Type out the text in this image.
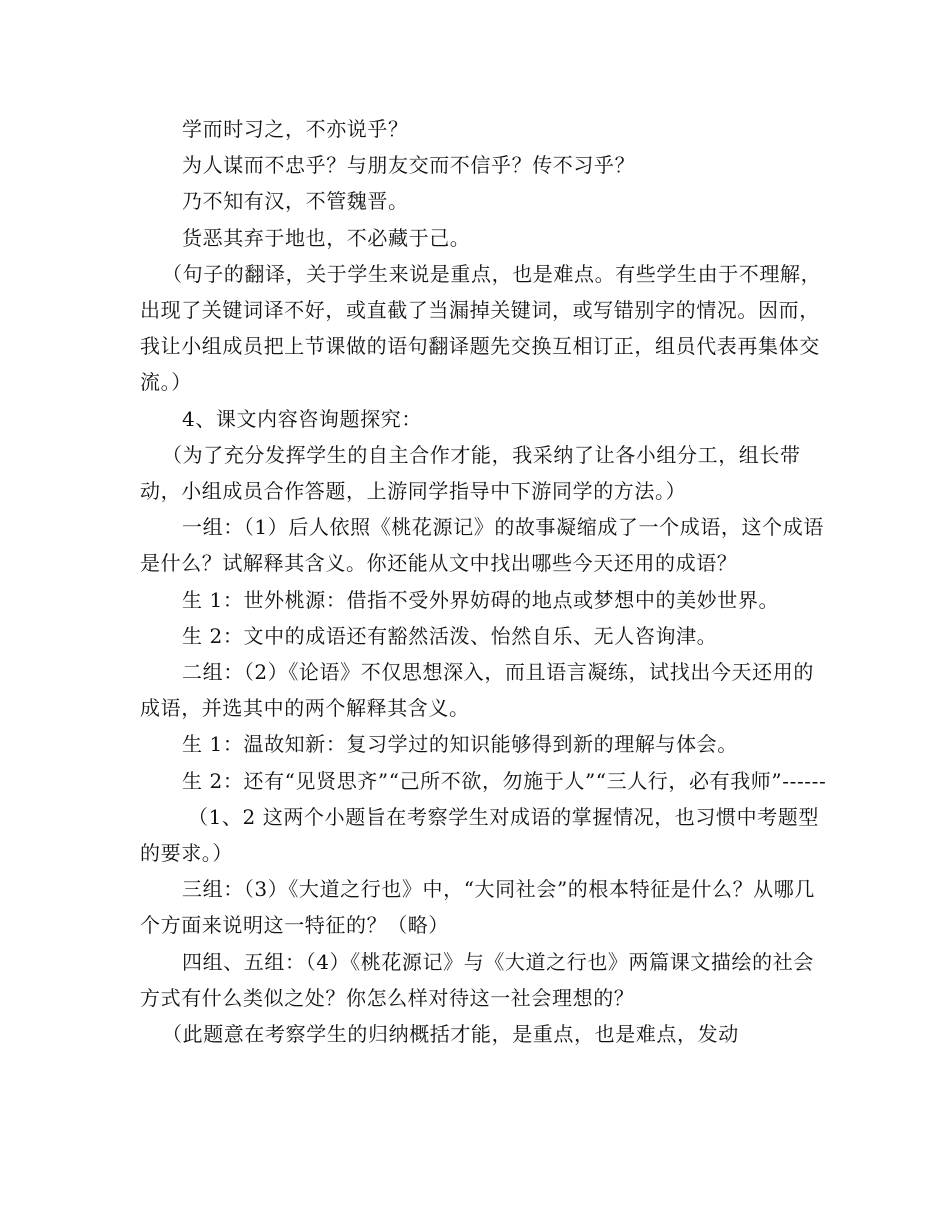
学而时习之，不亦说乎？

为人谋而不忠乎？与朋友交而不信乎？传不习乎？

乃不知有汉，不管魏晋。

货恶其弃于地也，不必藏于己。

（句子的翻译，关于学生来说是重点，也是难点。有些学生由于不理解，出现了关键词译不好，或直截了当漏掉关键词，或写错别字的情况。因而，我让小组成员把上节课做的语句翻译题先交换互相订正，组员代表再集体交流。）

4、课文内容咨询题探究：

（为了充分发挥学生的自主合作才能，我采纳了让各小组分工，组长带动，小组成员合作答题，上游同学指导中下游同学的方法。）

一组：（1）后人依照《桃花源记》的故事凝缩成了一个成语，这个成语是什么？试解释其含义。你还能从文中找出哪些今天还用的成语？

生 1：世外桃源：借指不受外界妨碍的地点或梦想中的美妙世界。

生 2：文中的成语还有豁然活泼、怡然自乐、无人咨询津。

二组：（2）《论语》不仅思想深入，而且语言凝练，试找出今天还用的成语，并选其中的两个解释其含义。

生 1：温故知新：复习学过的知识能够得到新的理解与体会。

生 2：还有“见贤思齐”“己所不欲，勿施于人”“三人行，必有我师”------

（1、2 这两个小题旨在考察学生对成语的掌握情况，也习惯中考题型的要求。）

三组：（3）《大道之行也》中，“大同社会”的根本特征是什么？从哪几个方面来说明这一特征的？（略）

四组、五组：（4）《桃花源记》与《大道之行也》两篇课文描绘的社会方式有什么类似之处？你怎么样对待这一社会理想的？

（此题意在考察学生的归纳概括才能，是重点，也是难点，发动
